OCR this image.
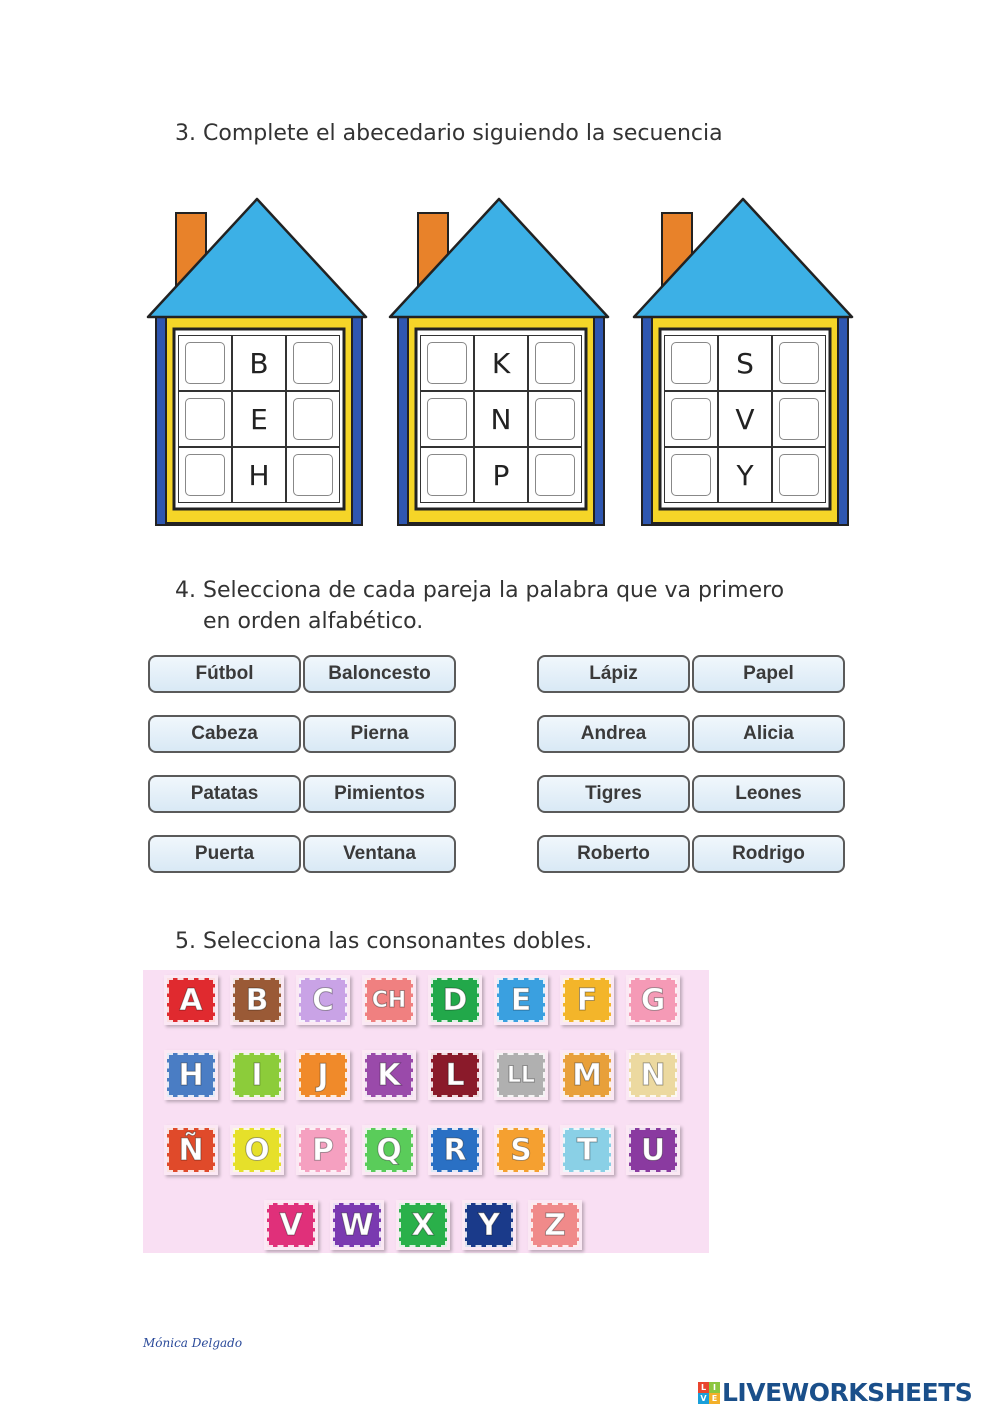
3. Complete el abecedario siguiendo la secuencia
B
E
H
K
N
P
S
V
Y
4. Selecciona de cada pareja la palabra que va primero
en orden alfabético.
Fútbol	Baloncesto
Cabeza	Pierna
Patatas	Pimientos
Puerta	Ventana
Lápiz	Papel
Andrea	Alicia
Tigres	Leones
Roberto	Rodrigo
5. Selecciona las consonantes dobles.
A B C CH D E F G
H I J K L LL M N
Ñ O P Q R S T U
V W X Y Z
Mónica Delgado
L I
V E LIVEWORKSHEETS
